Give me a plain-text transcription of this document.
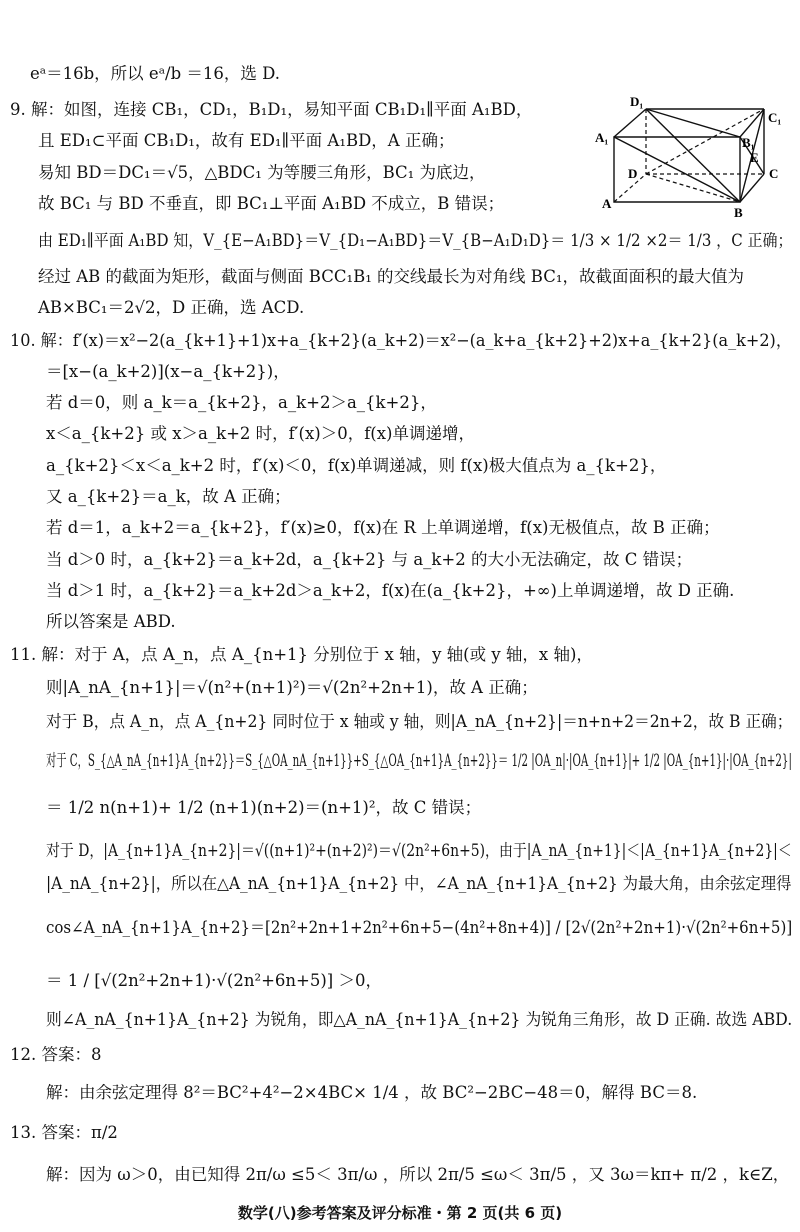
eᵃ＝16b，所以 eᵃ/b ＝16，选 D.
9. 解：如图，连接 CB₁，CD₁，B₁D₁，易知平面 CB₁D₁∥平面 A₁BD，
且 ED₁⊂平面 CB₁D₁，故有 ED₁∥平面 A₁BD，A 正确；
易知 BD＝DC₁＝√5，△BDC₁ 为等腰三角形，BC₁ 为底边，
故 BC₁ 与 BD 不垂直，即 BC₁⊥平面 A₁BD 不成立，B 错误；
由 ED₁∥平面 A₁BD 知，V_{E−A₁BD}＝V_{D₁−A₁BD}＝V_{B−A₁D₁D}＝ 1/3 × 1/2 ×2＝ 1/3 ，C 正确；
经过 AB 的截面为矩形，截面与侧面 BCC₁B₁ 的交线最长为对角线 BC₁，故截面面积的最大值为
AB×BC₁＝2√2，D 正确，选 ACD.
10. 解：f′(x)＝x²−2(a_{k+1}+1)x+a_{k+2}(a_k+2)＝x²−(a_k+a_{k+2}+2)x+a_{k+2}(a_k+2)，
＝[x−(a_k+2)](x−a_{k+2})，
若 d＝0，则 a_k＝a_{k+2}，a_k+2＞a_{k+2}，
x＜a_{k+2} 或 x＞a_k+2 时，f′(x)＞0，f(x)单调递增，
a_{k+2}＜x＜a_k+2 时，f′(x)＜0，f(x)单调递减，则 f(x)极大值点为 a_{k+2}，
又 a_{k+2}＝a_k，故 A 正确；
若 d＝1，a_k+2＝a_{k+2}，f′(x)≥0，f(x)在 R 上单调递增，f(x)无极值点，故 B 正确；
当 d＞0 时，a_{k+2}＝a_k+2d，a_{k+2} 与 a_k+2 的大小无法确定，故 C 错误；
当 d＞1 时，a_{k+2}＝a_k+2d＞a_k+2，f(x)在(a_{k+2}，+∞)上单调递增，故 D 正确.
所以答案是 ABD.
11. 解：对于 A，点 A_n，点 A_{n+1} 分别位于 x 轴，y 轴(或 y 轴，x 轴)，
则|A_nA_{n+1}|＝√(n²+(n+1)²)＝√(2n²+2n+1)，故 A 正确；
对于 B，点 A_n，点 A_{n+2} 同时位于 x 轴或 y 轴，则|A_nA_{n+2}|＝n+n+2＝2n+2，故 B 正确；
对于 C，S_{△A_nA_{n+1}A_{n+2}}＝S_{△OA_nA_{n+1}}+S_{△OA_{n+1}A_{n+2}}＝ 1/2 |OA_n|·|OA_{n+1}|+ 1/2 |OA_{n+1}|·|OA_{n+2}|
＝ 1/2 n(n+1)+ 1/2 (n+1)(n+2)＝(n+1)²，故 C 错误；
对于 D，|A_{n+1}A_{n+2}|＝√((n+1)²+(n+2)²)＝√(2n²+6n+5)，由于|A_nA_{n+1}|＜|A_{n+1}A_{n+2}|＜
|A_nA_{n+2}|，所以在△A_nA_{n+1}A_{n+2} 中，∠A_nA_{n+1}A_{n+2} 为最大角，由余弦定理得
cos∠A_nA_{n+1}A_{n+2}＝[2n²+2n+1+2n²+6n+5−(4n²+8n+4)] / [2√(2n²+2n+1)·√(2n²+6n+5)]
＝ 1 / [√(2n²+2n+1)·√(2n²+6n+5)] ＞0，
则∠A_nA_{n+1}A_{n+2} 为锐角，即△A_nA_{n+1}A_{n+2} 为锐角三角形，故 D 正确. 故选 ABD.
12. 答案：8
解：由余弦定理得 8²＝BC²+4²−2×4BC× 1/4 ，故 BC²−2BC−48＝0，解得 BC＝8.
13. 答案：π/2
解：因为 ω＞0，由已知得 2π/ω ≤5＜ 3π/ω ，所以 2π/5 ≤ω＜ 3π/5 ，又 3ω＝kπ+ π/2 ，k∈Z，
D₁
C₁
A₁	B₁
E
D	C
A
B
数学(八)参考答案及评分标准・第 2 页(共 6 页)
